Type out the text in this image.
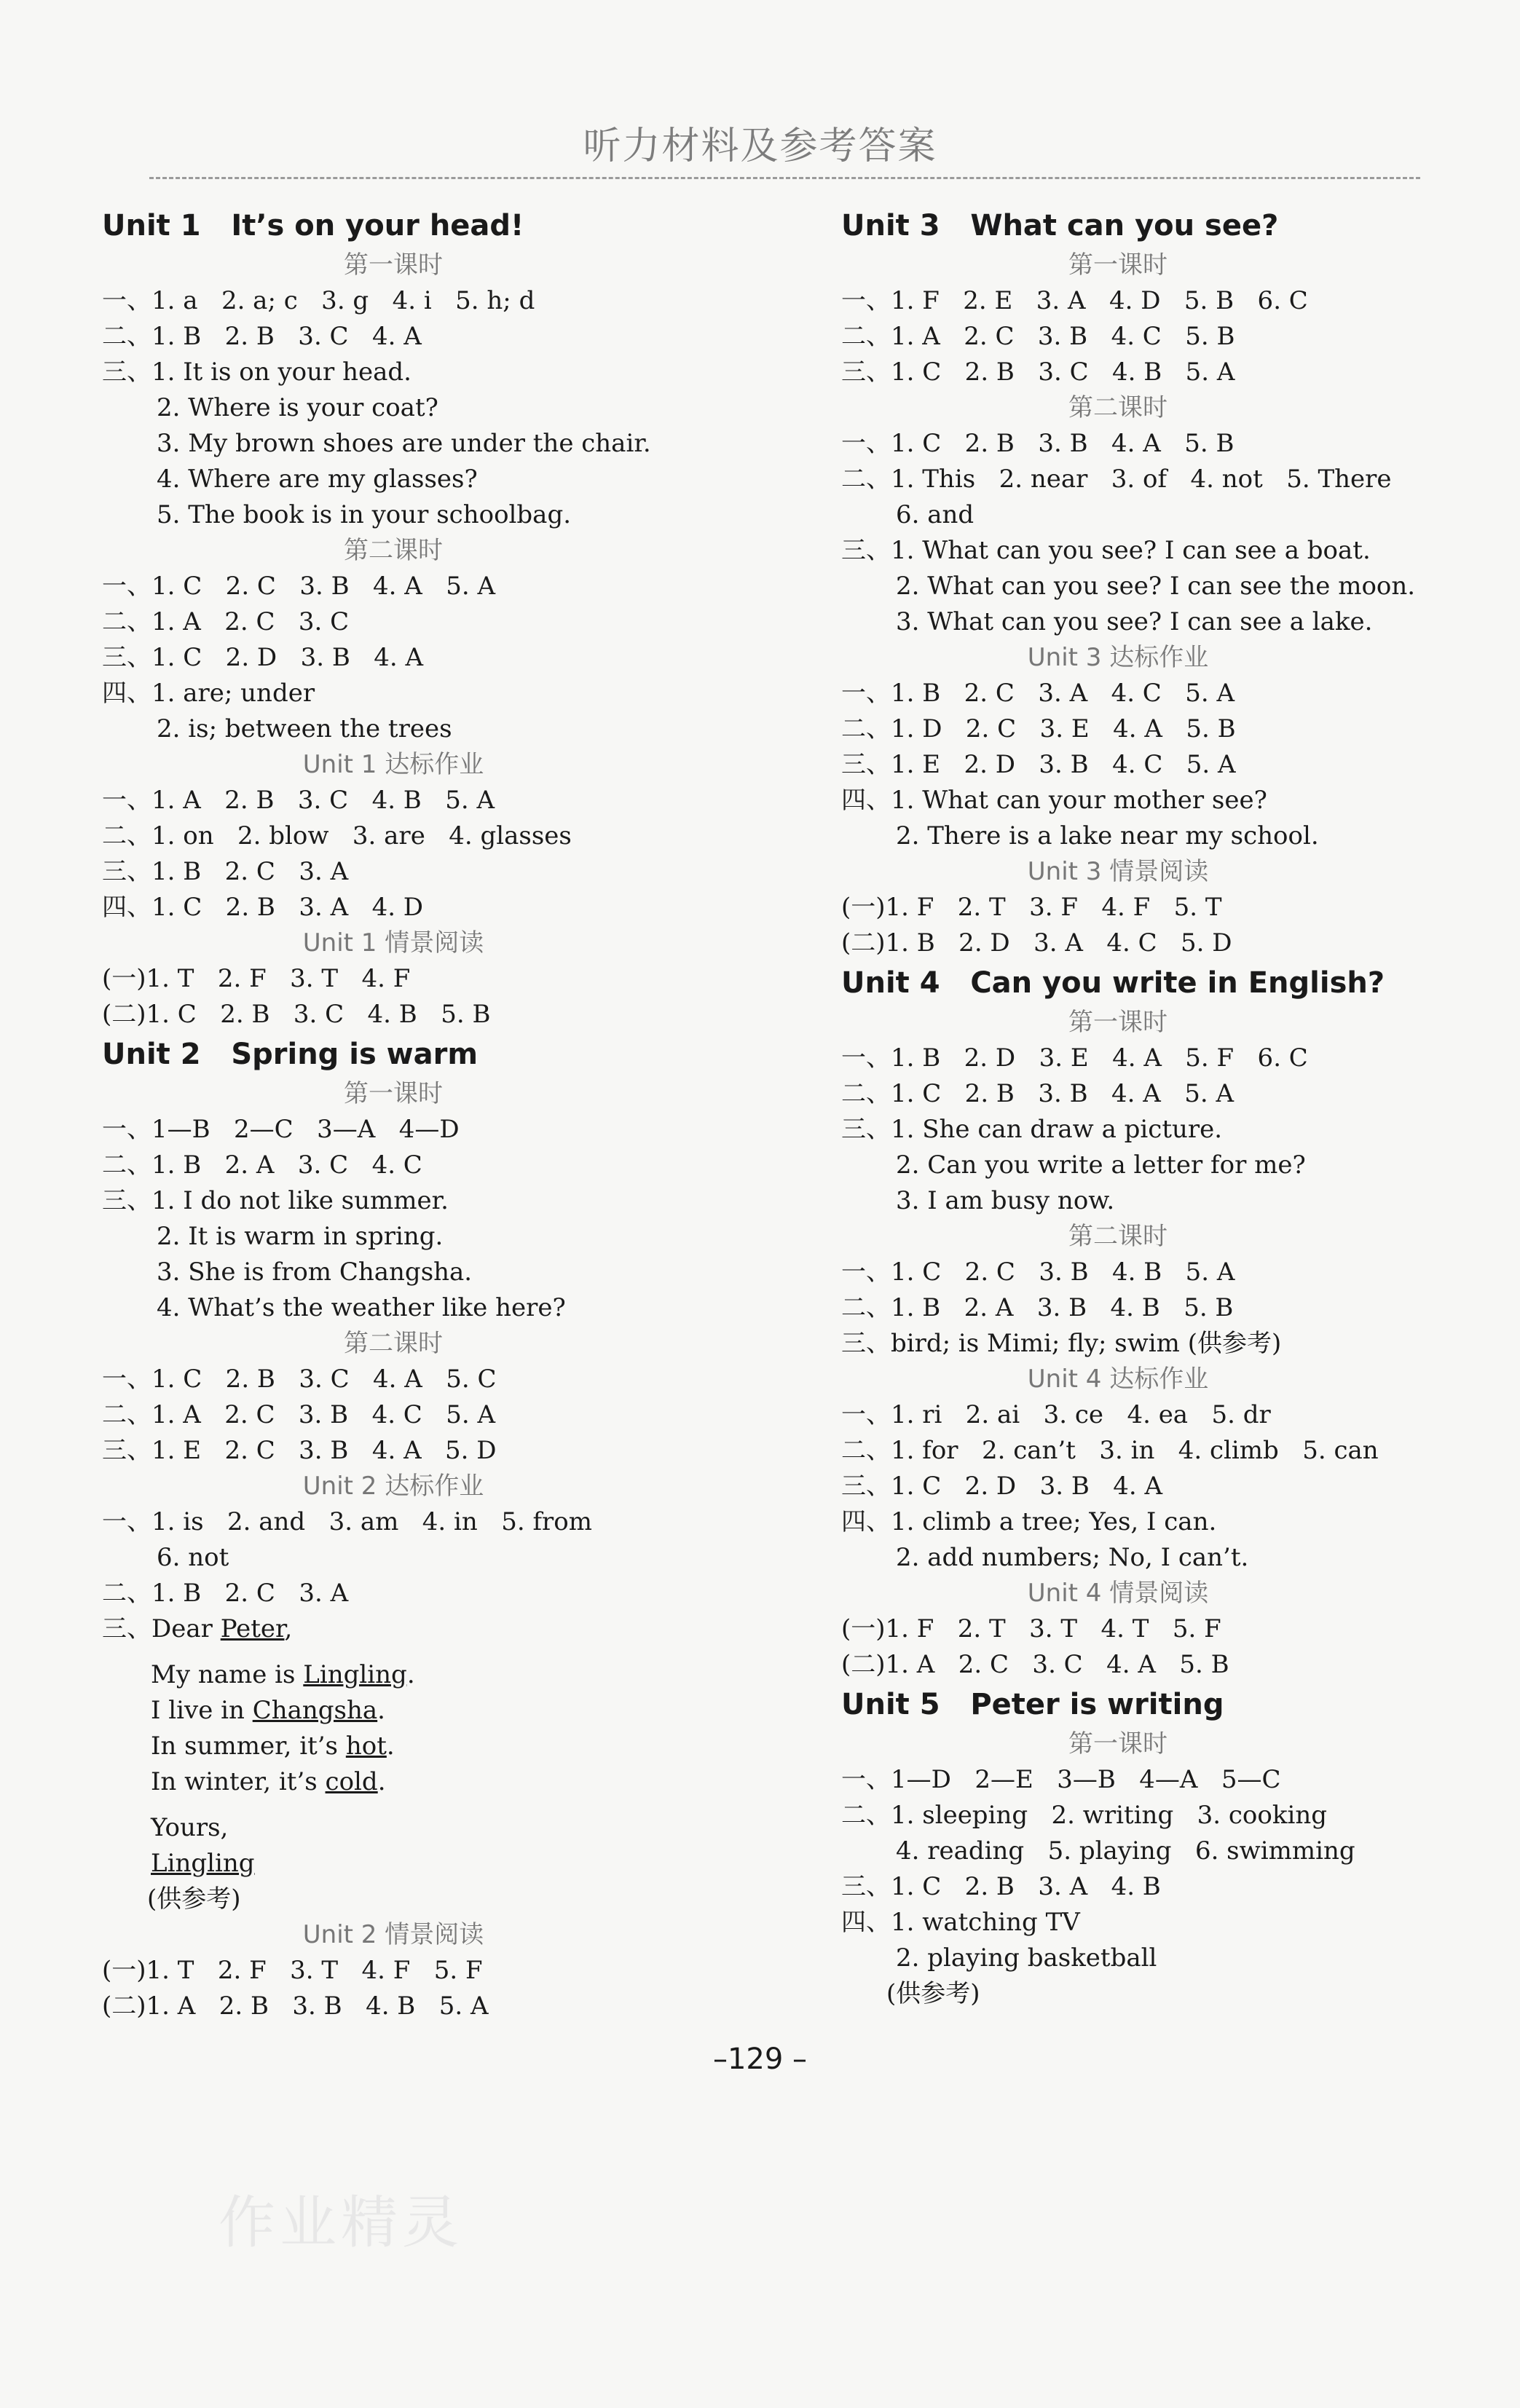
听力材料及参考答案
Unit 1   It’s on your head!
第一课时
一、1. a   2. a; c   3. g   4. i   5. h; d
二、1. B   2. B   3. C   4. A
三、1. It is on your head.
2. Where is your coat?
3. My brown shoes are under the chair.
4. Where are my glasses?
5. The book is in your schoolbag.
第二课时
一、1. C   2. C   3. B   4. A   5. A
二、1. A   2. C   3. C
三、1. C   2. D   3. B   4. A
四、1. are; under
2. is; between the trees
Unit 1 达标作业
一、1. A   2. B   3. C   4. B   5. A
二、1. on   2. blow   3. are   4. glasses
三、1. B   2. C   3. A
四、1. C   2. B   3. A   4. D
Unit 1 情景阅读
(一)1. T   2. F   3. T   4. F
(二)1. C   2. B   3. C   4. B   5. B
Unit 2   Spring is warm
第一课时
一、1—B   2—C   3—A   4—D
二、1. B   2. A   3. C   4. C
三、1. I do not like summer.
2. It is warm in spring.
3. She is from Changsha.
4. What’s the weather like here?
第二课时
一、1. C   2. B   3. C   4. A   5. C
二、1. A   2. C   3. B   4. C   5. A
三、1. E   2. C   3. B   4. A   5. D
Unit 2 达标作业
一、1. is   2. and   3. am   4. in   5. from
6. not
二、1. B   2. C   3. A
三、Dear Peter,
My name is Lingling.
I live in Changsha.
In summer, it’s hot.
In winter, it’s cold.
Yours,
Lingling
(供参考)
Unit 2 情景阅读
(一)1. T   2. F   3. T   4. F   5. F
(二)1. A   2. B   3. B   4. B   5. A
Unit 3   What can you see?
第一课时
一、1. F   2. E   3. A   4. D   5. B   6. C
二、1. A   2. C   3. B   4. C   5. B
三、1. C   2. B   3. C   4. B   5. A
第二课时
一、1. C   2. B   3. B   4. A   5. B
二、1. This   2. near   3. of   4. not   5. There
6. and
三、1. What can you see? I can see a boat.
2. What can you see? I can see the moon.
3. What can you see? I can see a lake.
Unit 3 达标作业
一、1. B   2. C   3. A   4. C   5. A
二、1. D   2. C   3. E   4. A   5. B
三、1. E   2. D   3. B   4. C   5. A
四、1. What can your mother see?
2. There is a lake near my school.
Unit 3 情景阅读
(一)1. F   2. T   3. F   4. F   5. T
(二)1. B   2. D   3. A   4. C   5. D
Unit 4   Can you write in English?
第一课时
一、1. B   2. D   3. E   4. A   5. F   6. C
二、1. C   2. B   3. B   4. A   5. A
三、1. She can draw a picture.
2. Can you write a letter for me?
3. I am busy now.
第二课时
一、1. C   2. C   3. B   4. B   5. A
二、1. B   2. A   3. B   4. B   5. B
三、bird; is Mimi; fly; swim (供参考)
Unit 4 达标作业
一、1. ri   2. ai   3. ce   4. ea   5. dr
二、1. for   2. can’t   3. in   4. climb   5. can
三、1. C   2. D   3. B   4. A
四、1. climb a tree; Yes, I can.
2. add numbers; No, I can’t.
Unit 4 情景阅读
(一)1. F   2. T   3. T   4. T   5. F
(二)1. A   2. C   3. C   4. A   5. B
Unit 5   Peter is writing
第一课时
一、1—D   2—E   3—B   4—A   5—C
二、1. sleeping   2. writing   3. cooking
4. reading   5. playing   6. swimming
三、1. C   2. B   3. A   4. B
四、1. watching TV
2. playing basketball
(供参考)
–129 –
作业精灵
